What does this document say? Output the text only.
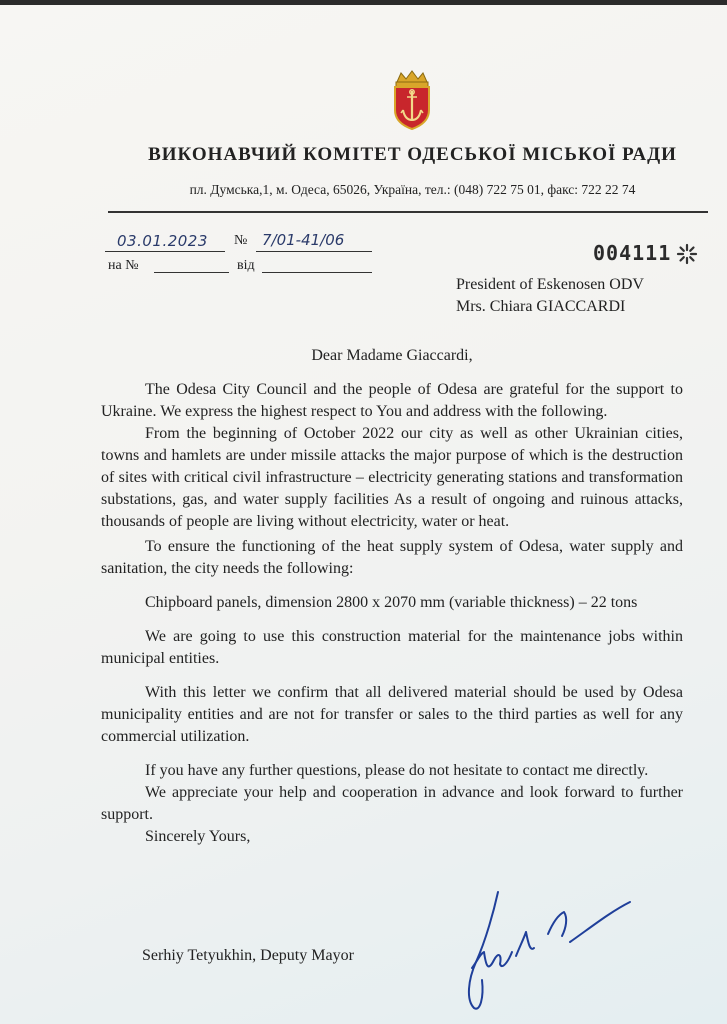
ВИКОНАВЧИЙ КОМІТЕТ ОДЕСЬКОЇ МІСЬКОЇ РАДИ
пл. Думська,1, м. Одеса, 65026, Україна, тел.: (048) 722 75 01, факс: 722 22 74
03.01.2023 № 7/01-41/06
на №	від
004111
President of Eskenosen ODV
Mrs. Chiara GIACCARDI

Dear Madame Giaccardi,

The Odesa City Council and the people of Odesa are grateful for the support to Ukraine. We express the highest respect to You and address with the following.

From the beginning of October 2022 our city as well as other Ukrainian cities, towns and hamlets are under missile attacks the major purpose of which is the destruction of sites with critical civil infrastructure – electricity generating stations and transformation substations, gas, and water supply facilities As a result of ongoing and ruinous attacks, thousands of people are living without electricity, water or heat.

To ensure the functioning of the heat supply system of Odesa, water supply and sanitation, the city needs the following:

Chipboard panels, dimension 2800 x 2070 mm (variable thickness) – 22 tons

We are going to use this construction material for the maintenance jobs within municipal entities.

With this letter we confirm that all delivered material should be used by Odesa municipality entities and are not for transfer or sales to the third parties as well for any commercial utilization.

If you have any further questions, please do not hesitate to contact me directly.

We appreciate your help and cooperation in advance and look forward to further support.

Sincerely Yours,

Serhiy Tetyukhin, Deputy Mayor
